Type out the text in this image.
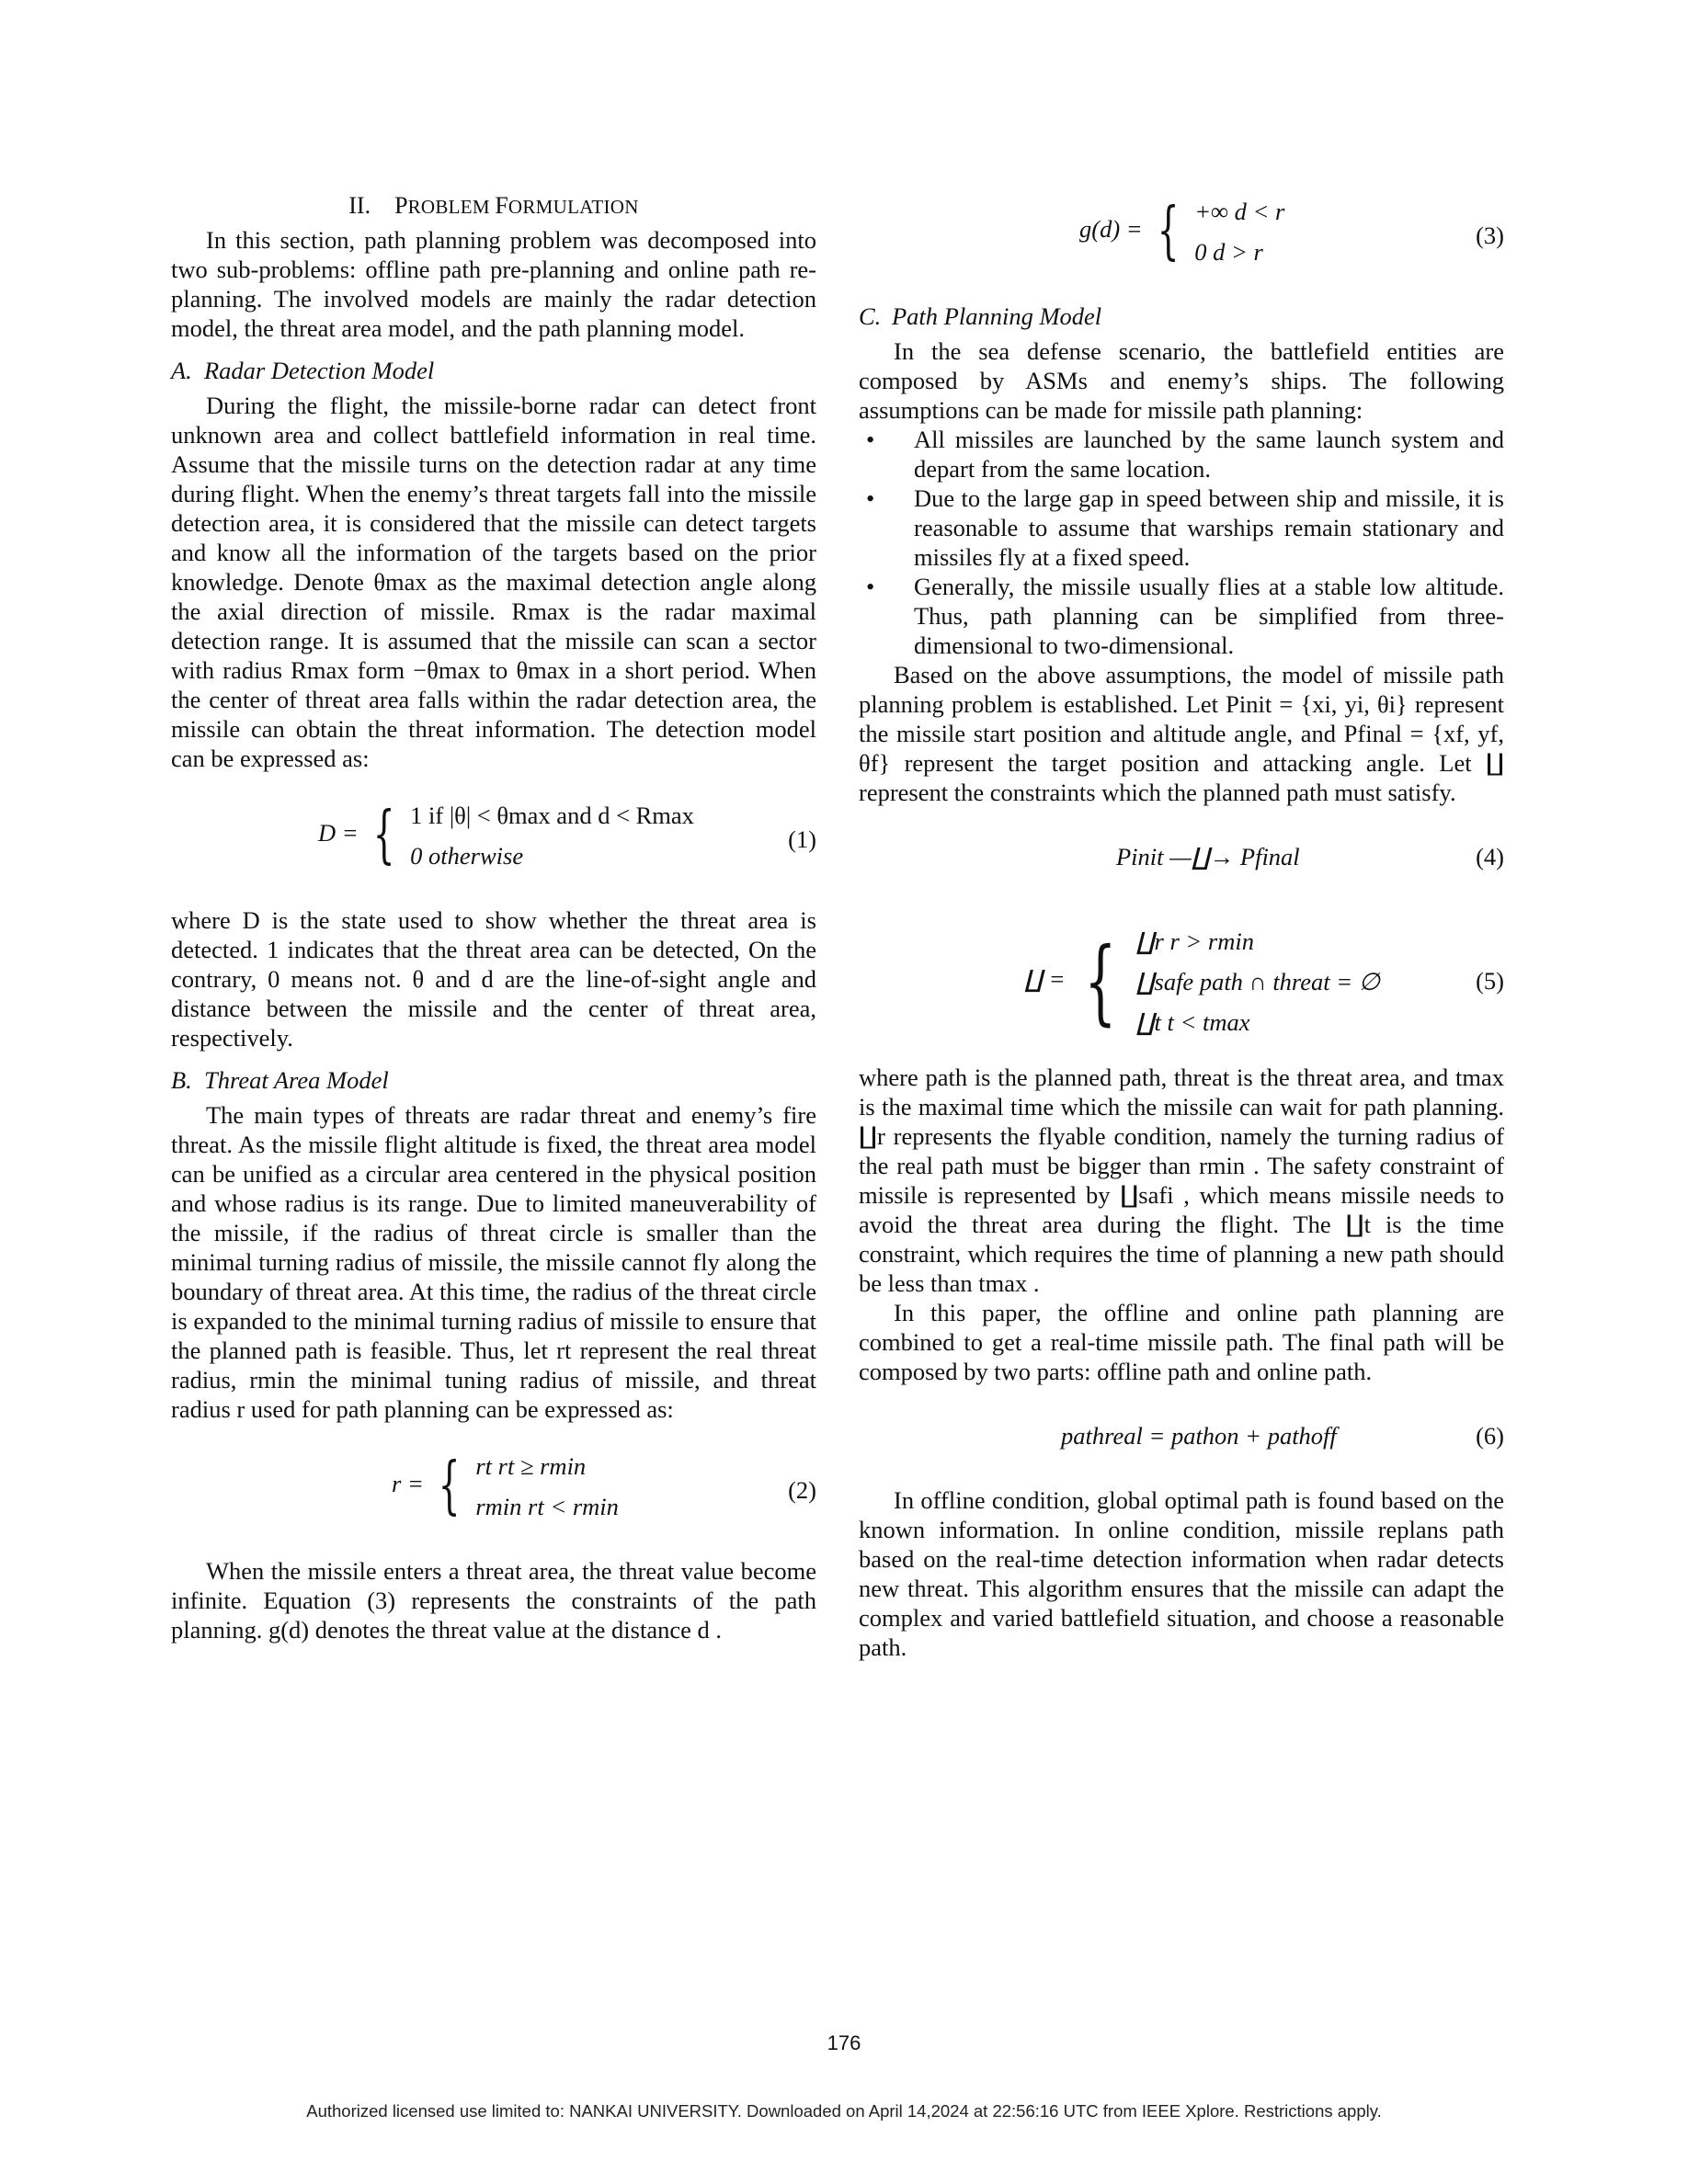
II. PROBLEM FORMULATION

In this section, path planning problem was decomposed into two sub-problems: offline path pre-planning and online path re-planning. The involved models are mainly the radar detection model, the threat area model, and the path planning model.

A. Radar Detection Model

During the flight, the missile-borne radar can detect front unknown area and collect battlefield information in real time. Assume that the missile turns on the detection radar at any time during flight. When the enemy’s threat targets fall into the missile detection area, it is considered that the missile can detect targets and know all the information of the targets based on the prior knowledge. Denote θmax as the maximal detection angle along the axial direction of missile. Rmax is the radar maximal detection range. It is assumed that the missile can scan a sector with radius Rmax form −θmax to θmax in a short period. When the center of threat area falls within the radar detection area, the missile can obtain the threat information. The detection model can be expressed as:

D = { 1 if |θ| < θmax and d < Rmax
0 otherwise
(1)

where D is the state used to show whether the threat area is detected. 1 indicates that the threat area can be detected, On the contrary, 0 means not. θ and d are the line-of-sight angle and distance between the missile and the center of threat area, respectively.

B. Threat Area Model

The main types of threats are radar threat and enemy’s fire threat. As the missile flight altitude is fixed, the threat area model can be unified as a circular area centered in the physical position and whose radius is its range. Due to limited maneuverability of the missile, if the radius of threat circle is smaller than the minimal turning radius of missile, the missile cannot fly along the boundary of threat area. At this time, the radius of the threat circle is expanded to the minimal turning radius of missile to ensure that the planned path is feasible. Thus, let rt represent the real threat radius, rmin the minimal tuning radius of missile, and threat radius r used for path planning can be expressed as:

r = { rt rt ≥ rmin
rmin rt < rmin
(2)

When the missile enters a threat area, the threat value become infinite. Equation (3) represents the constraints of the path planning. g(d) denotes the threat value at the distance d .

g(d) = { +∞ d < r
0 d > r
(3)
C. Path Planning Model

In the sea defense scenario, the battlefield entities are composed by ASMs and enemy’s ships. The following assumptions can be made for missile path planning:

• All missiles are launched by the same launch system and depart from the same location.
• Due to the large gap in speed between ship and missile, it is reasonable to assume that warships remain stationary and missiles fly at a fixed speed.
• Generally, the missile usually flies at a stable low altitude. Thus, path planning can be simplified from three-dimensional to two-dimensional.

Based on the above assumptions, the model of missile path planning problem is established. Let Pinit = {xi, yi, θi} represent the missile start position and altitude angle, and Pfinal = {xf, yf, θf} represent the target position and attacking angle. Let ∐ represent the constraints which the planned path must satisfy.

Pinit —∐→ Pfinal	(4)
∐ = { ∐r r > rmin
∐safe path ∩ threat = ∅
∐t t < tmax
(5)

where path is the planned path, threat is the threat area, and tmax is the maximal time which the missile can wait for path planning. ∐r represents the flyable condition, namely the turning radius of the real path must be bigger than rmin . The safety constraint of missile is represented by ∐safi , which means missile needs to avoid the threat area during the flight. The ∐t is the time constraint, which requires the time of planning a new path should be less than tmax .

In this paper, the offline and online path planning are combined to get a real-time missile path. The final path will be composed by two parts: offline path and online path.

pathreal = pathon + pathoff	(6)

In offline condition, global optimal path is found based on the known information. In online condition, missile replans path based on the real-time detection information when radar detects new threat. This algorithm ensures that the missile can adapt the complex and varied battlefield situation, and choose a reasonable path.

176
Authorized licensed use limited to: NANKAI UNIVERSITY. Downloaded on April 14,2024 at 22:56:16 UTC from IEEE Xplore. Restrictions apply.
